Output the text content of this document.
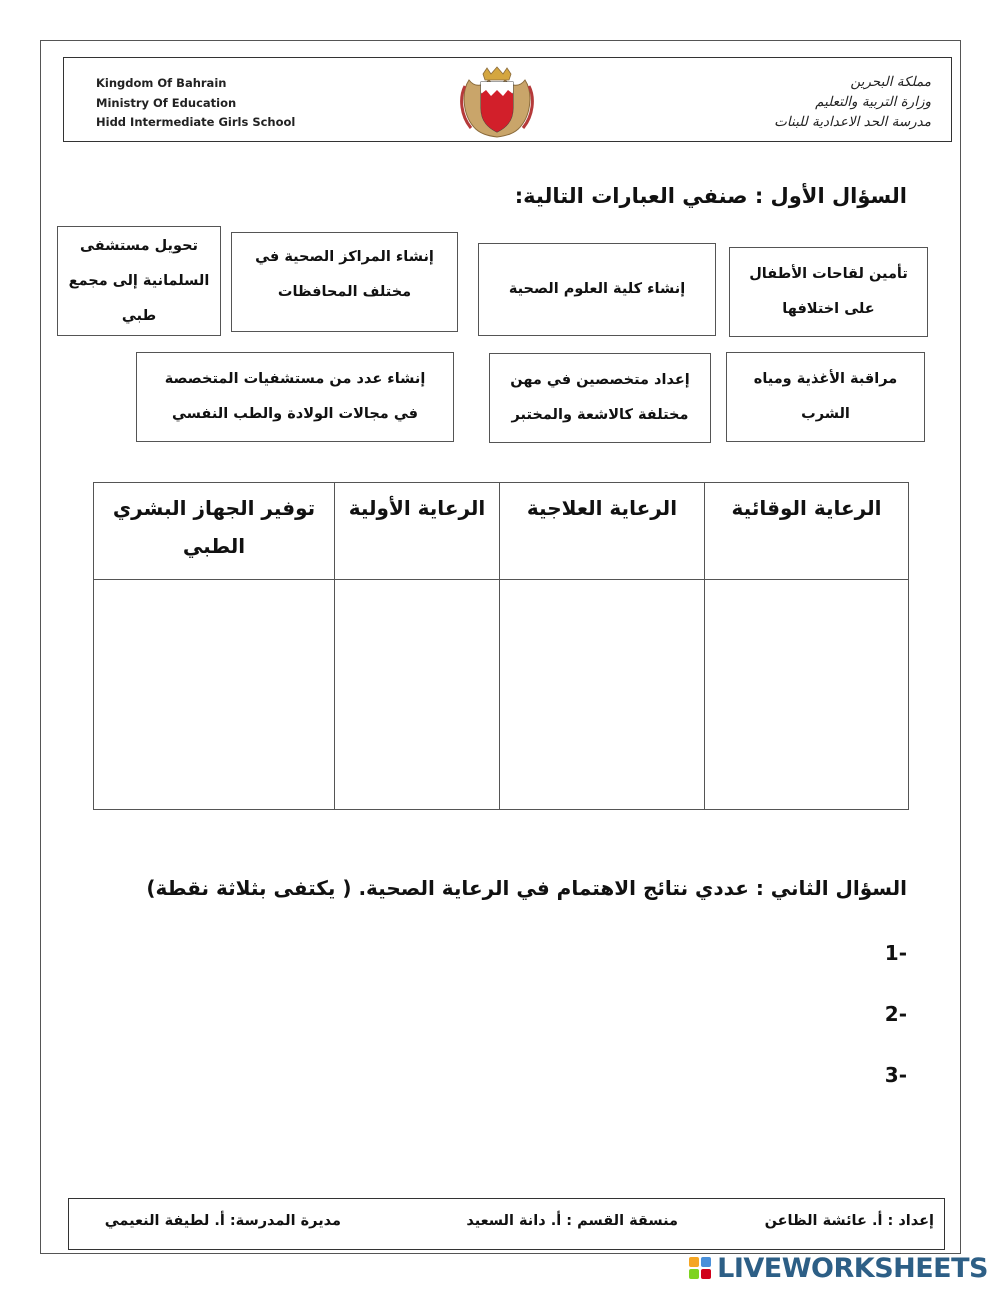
Kingdom Of Bahrain
Ministry Of Education
Hidd Intermediate Girls School
مملكة البحرين
وزارة التربية والتعليم
مدرسة الحد الاعدادية للبنات
السؤال الأول : صنفي العبارات التالية:
تأمين لقاحات الأطفال
على اختلافها
إنشاء كلية العلوم الصحية
إنشاء المراكز الصحية في
مختلف المحافظات
تحويل مستشفى
السلمانية إلى مجمع
طبي
مراقبة الأغذية ومياه
الشرب
إعداد متخصصين في مهن
مختلفة كالاشعة والمختبر
إنشاء عدد من مستشفيات المتخصصة
في مجالات الولادة والطب النفسي
الرعاية الوقائية	الرعاية العلاجية	الرعاية الأولية	توفير الجهاز البشري الطبي

السؤال الثاني : عددي نتائج الاهتمام في الرعاية الصحية. ( يكتفى بثلاثة نقطة)
1-
2-
3-
إعداد : أ. عائشة الظاعن
منسقة القسم : أ. دانة السعيد
مديرة المدرسة: أ. لطيفة النعيمي
LIVEWORKSHEETS
